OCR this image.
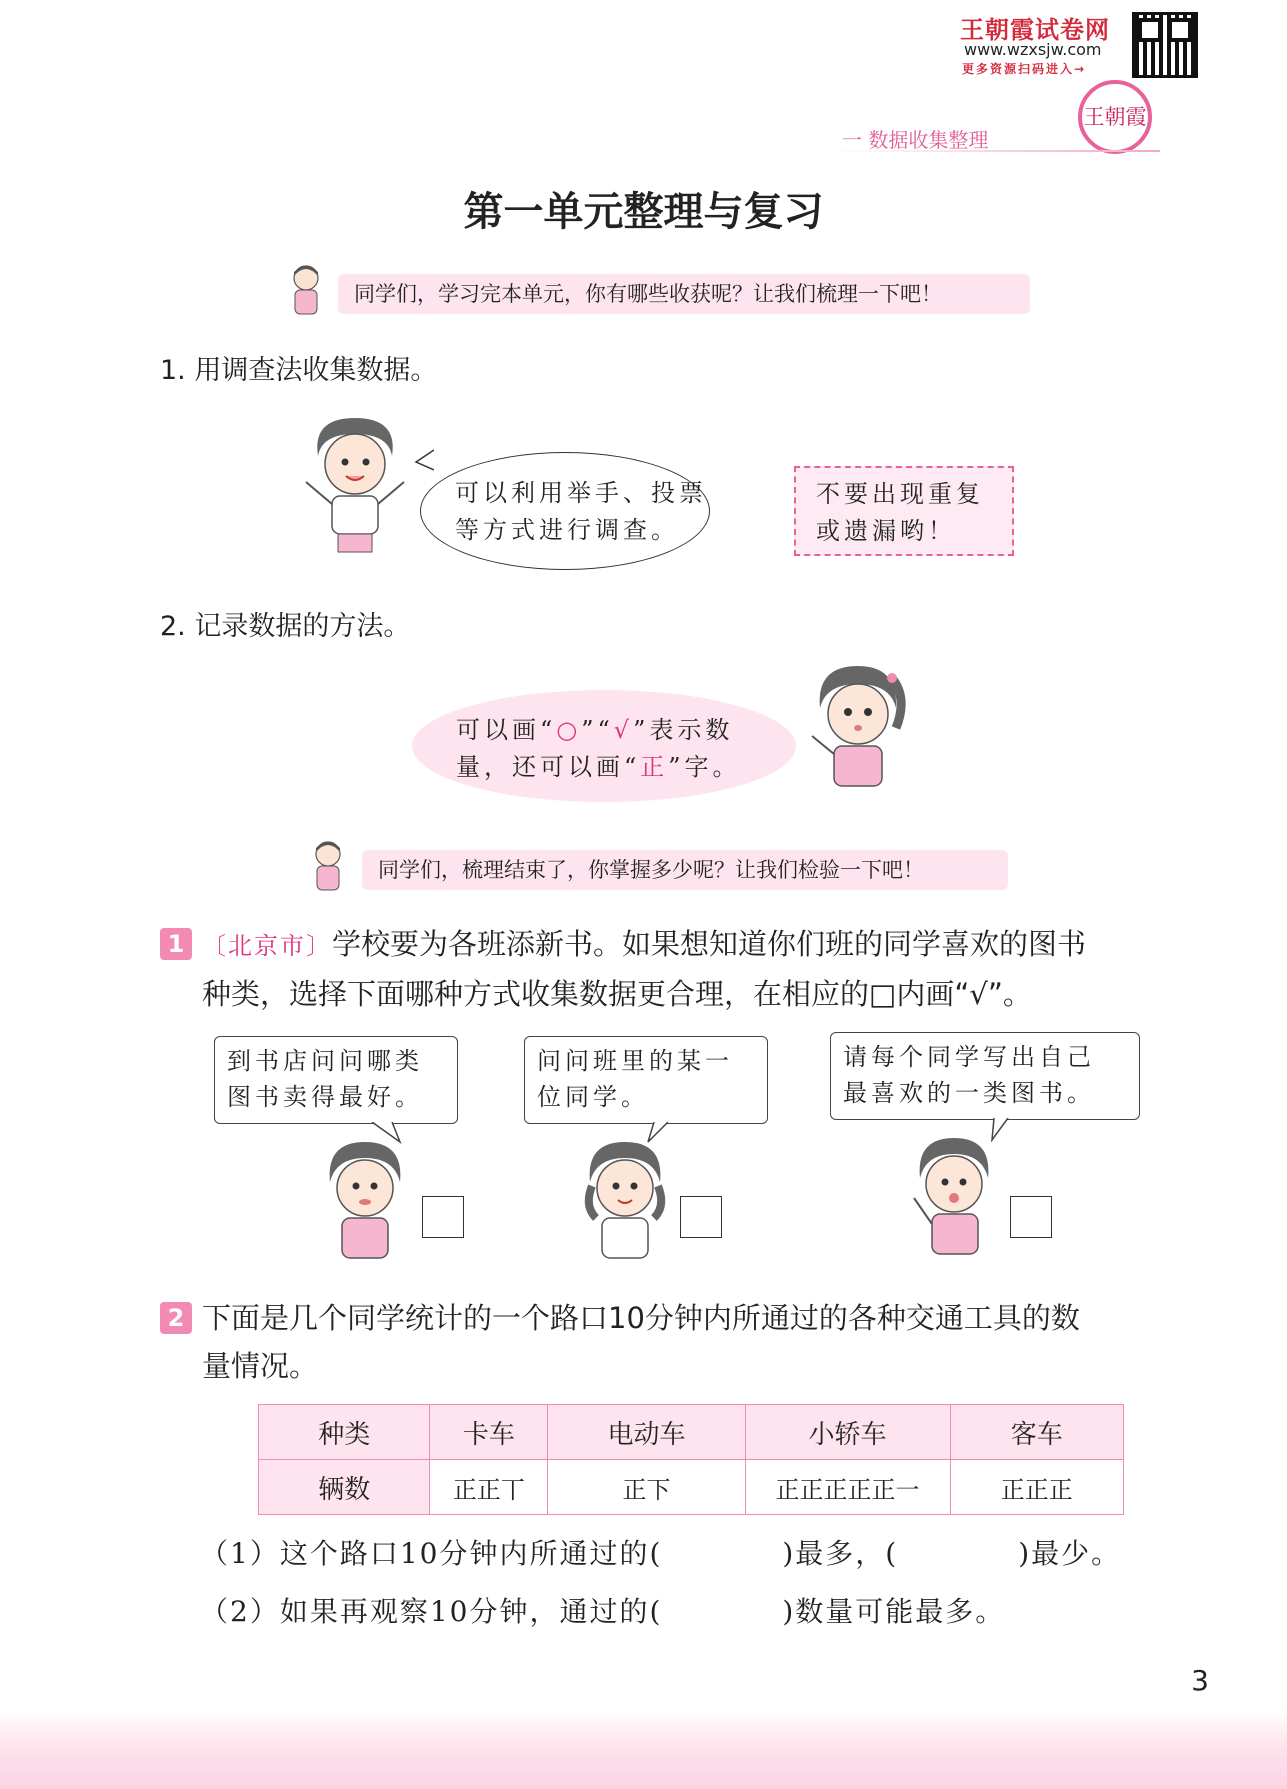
王朝霞试卷网
www.wzxsjw.com
更多资源扫码进入→
王朝霞
一 数据收集整理
第一单元整理与复习
同学们，学习完本单元，你有哪些收获呢？让我们梳理一下吧！
1. 用调查法收集数据。
可以利用举手、投票
等方式进行调查。
不要出现重复
或遗漏哟！
2. 记录数据的方法。
可以画“○”“√”表示数
量，还可以画“正”字。
同学们，梳理结束了，你掌握多少呢？让我们检验一下吧！
1 〔北京市〕学校要为各班添新书。如果想知道你们班的同学喜欢的图书
种类，选择下面哪种方式收集数据更合理，在相应的□内画“√”。
到书店问问哪类
图书卖得最好。
问问班里的某一
位同学。
请每个同学写出自己
最喜欢的一类图书。
2 下面是几个同学统计的一个路口10分钟内所通过的各种交通工具的数
量情况。
种类	卡车	电动车	小轿车	客车
辆数	正正丅	正下	正正正正正一	正正正
（1）这个路口10分钟内所通过的(　　　　)最多，(　　　　)最少。
（2）如果再观察10分钟，通过的(　　　　)数量可能最多。
3
